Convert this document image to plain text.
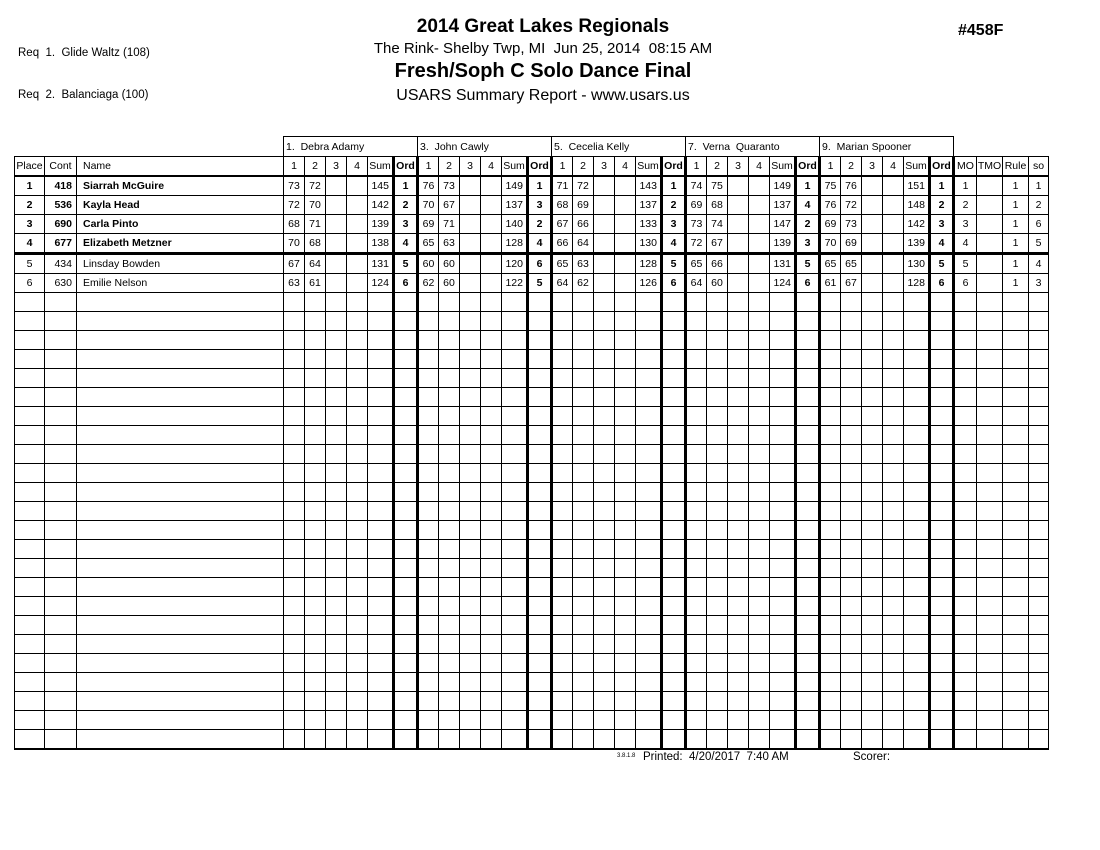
Req  1.  Glide Waltz (108)

Req  2.  Balanciaga (100)

2014 Great Lakes Regionals
The Rink- Shelby Twp, MI  Jun 25, 2014  08:15 AM
Fresh/Soph C Solo Dance Final
USARS Summary Report - www.usars.us
#458F
			1.  Debra Adamy						3.  John Cawly						5.  Cecelia Kelly						7.  Verna  Quaranto						9.  Marian Spooner									
Place	Cont	Name	1	2	3	4	Sum	Ord	1	2	3	4	Sum	Ord	1	2	3	4	Sum	Ord	1	2	3	4	Sum	Ord	1	2	3	4	Sum	Ord	MO	TMO	Rule	so
1	418	Siarrah McGuire	73	72			145	1	76	73			149	1	71	72			143	1	74	75			149	1	75	76			151	1	1		1	1
2	536	Kayla Head	72	70			142	2	70	67			137	3	68	69			137	2	69	68			137	4	76	72			148	2	2		1	2
3	690	Carla Pinto	68	71			139	3	69	71			140	2	67	66			133	3	73	74			147	2	69	73			142	3	3		1	6
4	677	Elizabeth Metzner	70	68			138	4	65	63			128	4	66	64			130	4	72	67			139	3	70	69			139	4	4		1	5
5	434	Linsday Bowden	67	64			131	5	60	60			120	6	65	63			128	5	65	66			131	5	65	65			130	5	5		1	4
6	630	Emilie Nelson	63	61			124	6	62	60			122	5	64	62			126	6	64	60			124	6	61	67			128	6	6		1	3

3.8.1.8 Printed: 4/20/2017  7:40 AM	Scorer:
